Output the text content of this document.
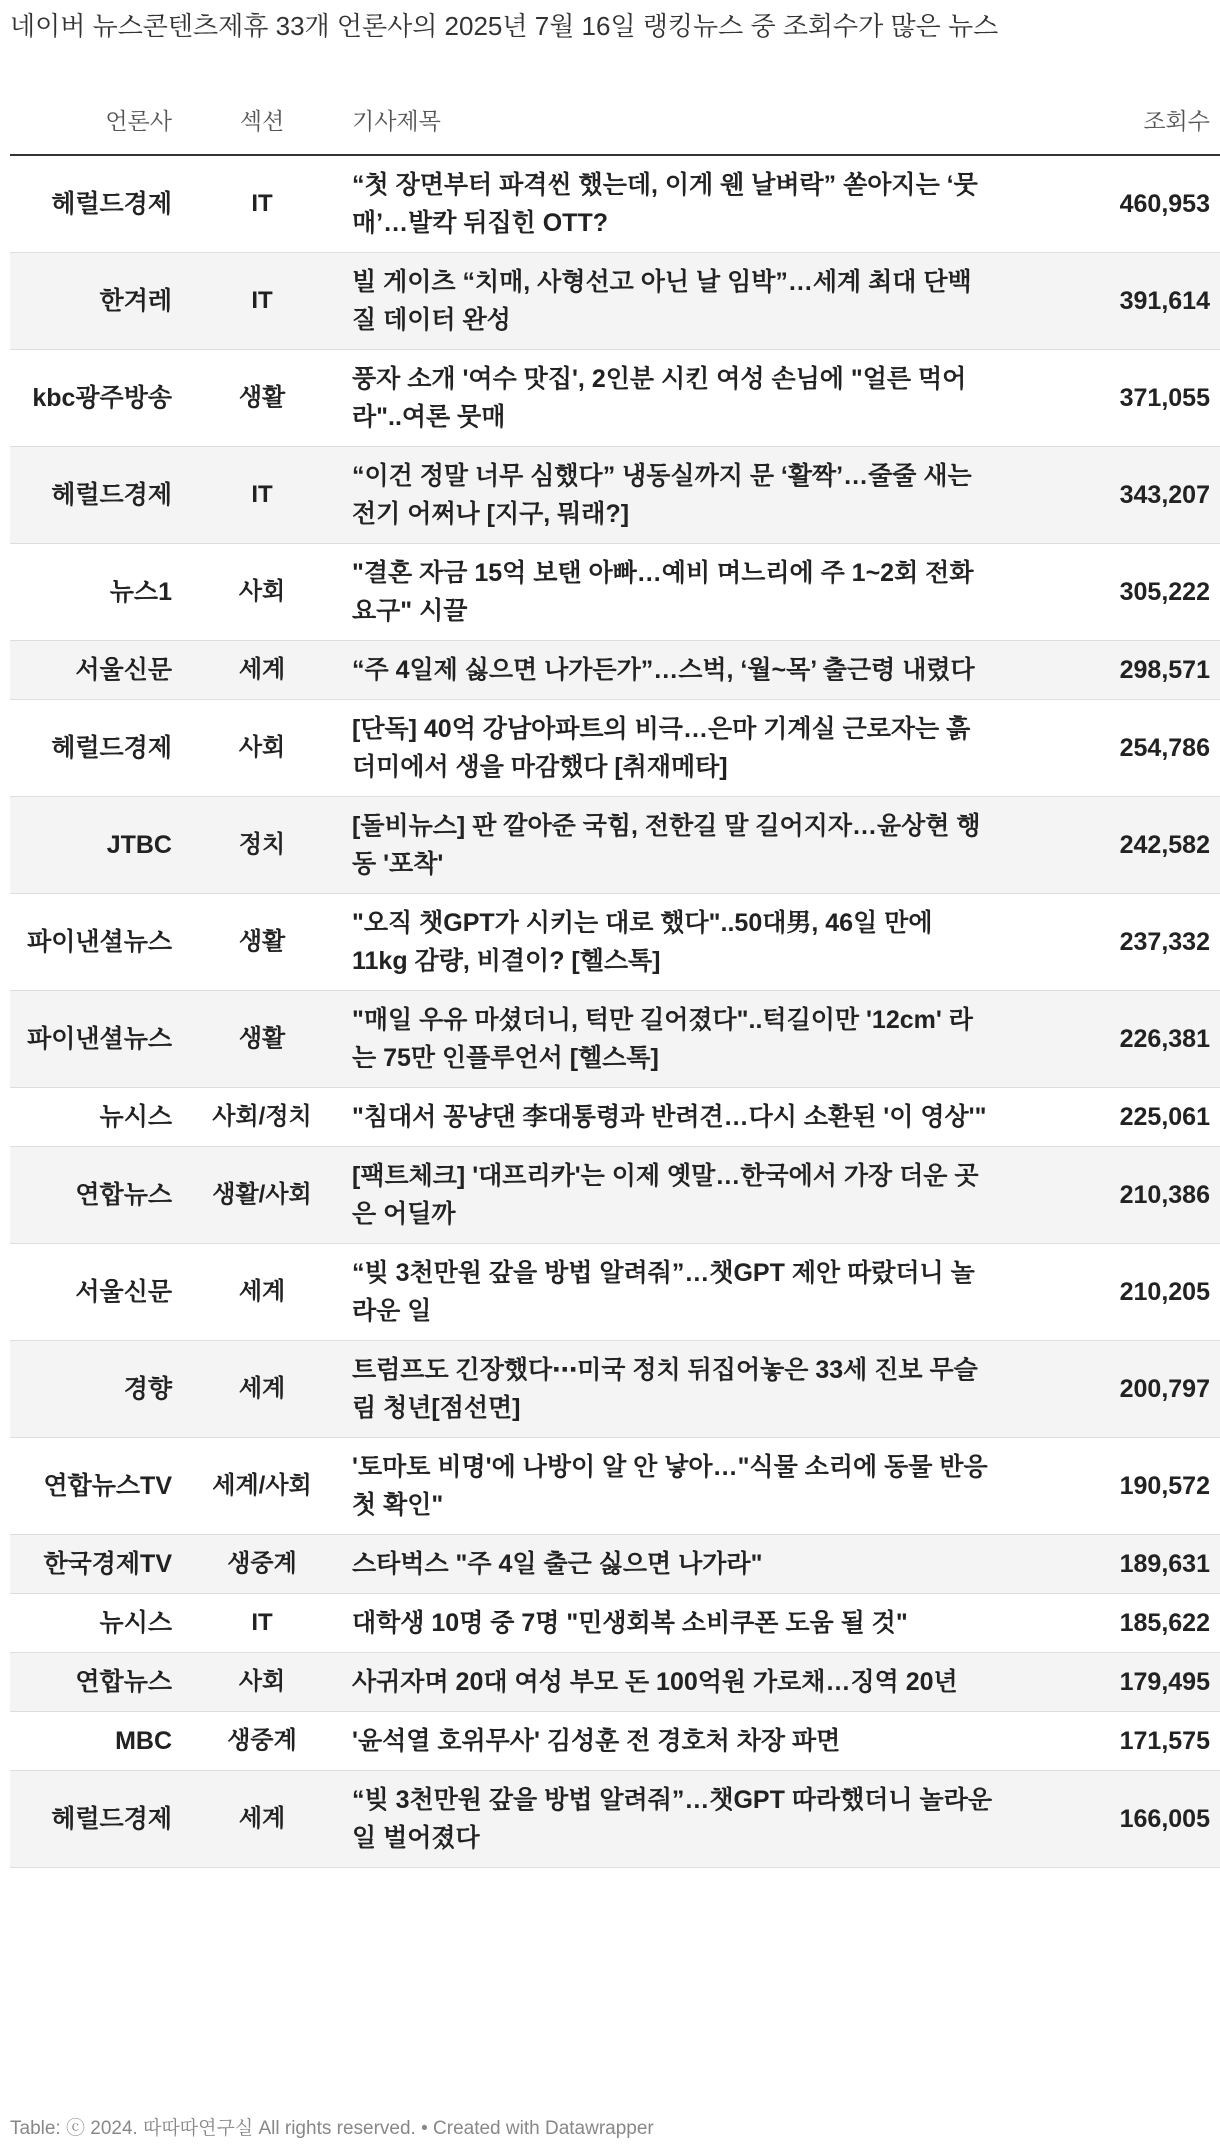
네이버 뉴스콘텐츠제휴 33개 언론사의 2025년 7월 16일 랭킹뉴스 중 조회수가 많은 뉴스
언론사	섹션	기사제목	조회수
헤럴드경제	IT	“첫 장면부터 파격씬 했는데, 이게 웬 날벼락” 쏟아지는 ‘뭇매’…발칵 뒤집힌 OTT?	460,953
한겨레	IT	빌 게이츠 “치매, 사형선고 아닌 날 임박”…세계 최대 단백질 데이터 완성	391,614
kbc광주방송	생활	풍자 소개 '여수 맛집', 2인분 시킨 여성 손님에 "얼른 먹어라"..여론 뭇매	371,055
헤럴드경제	IT	“이건 정말 너무 심했다” 냉동실까지 문 ‘활짝’…줄줄 새는 전기 어쩌나 [지구, 뭐래?]	343,207
뉴스1	사회	"결혼 자금 15억 보탠 아빠…예비 며느리에 주 1~2회 전화 요구" 시끌	305,222
서울신문	세계	“주 4일제 싫으면 나가든가”…스벅, ‘월~목’ 출근령 내렸다	298,571
헤럴드경제	사회	[단독] 40억 강남아파트의 비극…은마 기계실 근로자는 흙더미에서 생을 마감했다 [취재메타]	254,786
JTBC	정치	[돌비뉴스] 판 깔아준 국힘, 전한길 말 길어지자…윤상현 행동 '포착'	242,582
파이낸셜뉴스	생활	"오직 챗GPT가 시키는 대로 했다"..50대男, 46일 만에 11kg 감량, 비결이? [헬스톡]	237,332
파이낸셜뉴스	생활	"매일 우유 마셨더니, 턱만 길어졌다"..턱길이만 '12cm' 라는 75만 인플루언서 [헬스톡]	226,381
뉴시스	사회/정치	"침대서 꽁냥댄 李대통령과 반려견…다시 소환된 '이 영상'"	225,061
연합뉴스	생활/사회	[팩트체크] '대프리카'는 이제 옛말…한국에서 가장 더운 곳은 어딜까	210,386
서울신문	세계	“빚 3천만원 갚을 방법 알려줘”…챗GPT 제안 따랐더니 놀라운 일	210,205
경향	세계	트럼프도 긴장했다⋯미국 정치 뒤집어놓은 33세 진보 무슬림 청년[점선면]	200,797
연합뉴스TV	세계/사회	'토마토 비명'에 나방이 알 안 낳아…"식물 소리에 동물 반응 첫 확인"	190,572
한국경제TV	생중계	스타벅스 "주 4일 출근 싫으면 나가라"	189,631
뉴시스	IT	대학생 10명 중 7명 "민생회복 소비쿠폰 도움 될 것"	185,622
연합뉴스	사회	사귀자며 20대 여성 부모 돈 100억원 가로채…징역 20년	179,495
MBC	생중계	'윤석열 호위무사' 김성훈 전 경호처 차장 파면	171,575
헤럴드경제	세계	“빚 3천만원 갚을 방법 알려줘”…챗GPT 따라했더니 놀라운 일 벌어졌다	166,005
Table: ⓒ 2024. 따따따연구실 All rights reserved. • Created with Datawrapper
